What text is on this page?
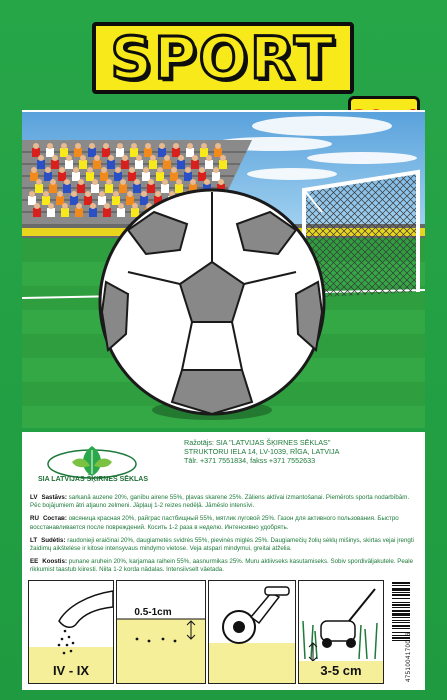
SPORT
SIA LATVIJAS ŠĶIRNES SĒKLAS
Ražotājs: SIA "LATVIJAS ŠĶIRNES SĒKLAS"
STRUKTORU IELA 14, LV-1039, RĪGA, LATVIJA
Tālr. +371 7551834, fakss +371 7552633
LV Sastāvs: sarkanā auzene 20%, ganību airene 55%, pļavas skarene 25%. Zāliens aktīvai izmantošanai. Piemērots sporta nodarbībām. Pēc bojājumiem ātri atjauno zelmeni. Jāpļauj 1-2 reizes nedēļā. Jāmēslo intensīvi.
RU Состав: овсяница красная 20%, райграс пастбищный 55%, мятлик луговой 25%. Газон для активного пользования. Быстро восстанавливается после повреждений. Косить 1-2 раза в неделю. Интенсивно удобрять.
LT Sudėtis: raudonieji eraičinai 20%, daugiametės svidrės 55%, pievinės miglės 25%. Daugiamečių žolių sėklų mišinys, skirtas vejai įrengti žaidimų aikštelėse ir kitose intensyvaus mindymo vietose. Veja atspari mindymui, greitai atželia.
EE Koostis: punane aruhein 20%, karjamaa raihein 55%, aasnurmikas 25%. Muru aktiivseks kasutamiseks. Sobiv spordiväljakutele. Peale rikkumist taastub kiiresti. Niita 1-2 korda nädalas. Intensiivselt väetada.
IV - IX
0.5-1cm
3-5 cm	4751004170016
